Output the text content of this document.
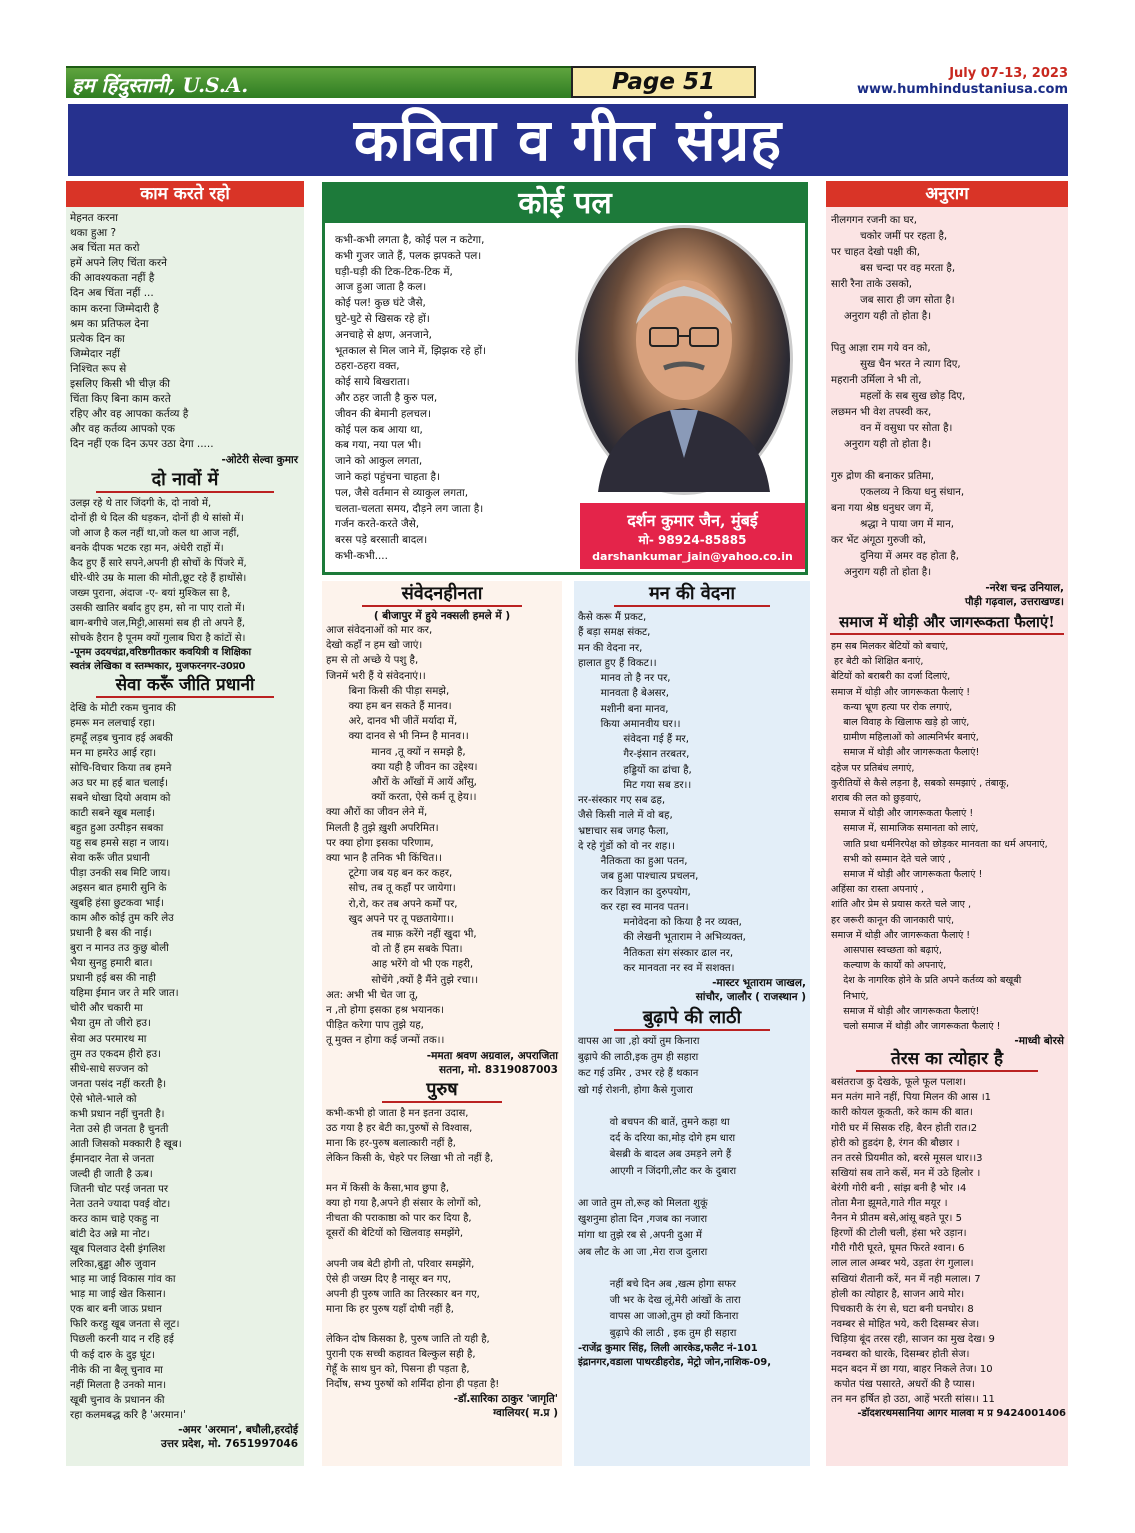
हम हिंदुस्तानी, U.S.A.	Page 51	July 07-13, 2023
www.humhindustaniusa.com
कविता व गीत संग्रह
काम करते रहो
मेहनत करना
थका हुआ ?
अब चिंता मत करो
हमें अपने लिए चिंता करने
की आवश्यकता नहीं है
दिन अब चिंता नहीं ...
काम करना जिम्मेदारी है
श्रम का प्रतिफल देना
प्रत्येक दिन का
जिम्मेदार नहीं
निश्चित रूप से
इसलिए किसी भी चीज़ की
चिंता किए बिना काम करते
रहिए और वह आपका कर्तव्य है
और वह कर्तव्य आपको एक
दिन नहीं एक दिन ऊपर उठा देगा .....
-ओटेरी सेल्वा कुमार
दो नावों में
उलझ रहे थे तार जिंदगी के, दो नावो में,
दोनों ही थे दिल की धड़कन, दोनों ही थे सांसो में।
जो आज है कल नहीं था,जो कल था आज नहीं,
बनके दीपक भटक रहा मन, अंधेरी राहों में।
कैद हुए हैं सारे सपने,अपनी ही सोचों के पिंजरे में,
धीरे-धीरे उम्र के माला की मोती,छूट रहे हैं हाथोंसे।
जख्म पुराना, अंदाज -ए- बयां मुश्किल सा है,
उसकी खातिर बर्बाद हुए हम, सो ना पाए रातो में।
बाग-बगीचे जल,मिट्टी,आसमां सब ही तो अपने हैं,
सोचके हैरान है पूनम क्यों गुलाब घिरा है कांटों से।
-पूनम उदयचंद्रा,वरिष्ठगीतकार कवयित्री व शिक्षिका
स्वतंत्र लेखिका व स्तम्भकार, मुजफरनगर-उ0प्र0
सेवा करूँ जीति प्रधानी
देखि के मोटी रकम चुनाव की
हमरू मन ललचाई रहा।
हमहूँ लड़ब चुनाव हई अबकी
मन मा हमरेउ आई रहा।
सोचि-विचार किया तब हमने
अउ घर मा हई बात चलाई।
सबने धोखा दियो अवाम को
काटी सबने खूब मलाई।
बहुत हुआ उत्पीड़न सबका
यहु सब हमसे सहा न जाय।
सेवा करूँ जीत प्रधानी
पीड़ा उनकी सब मिटि जाय।
अइसन बात हमारी सुनि के
खुबहि हंसा छुटकवा भाई।
काम औरु कोई तुम करि लेउ
प्रधानी है बस की नाई।
बुरा न मानउ तउ कुछु बोली
भैया सुनहु हमारी बात।
प्रधानी हई बस की नाही
यहिमा ईमान जर ते मरि जात।
चोरी और चकारी मा
भैया तुम तो जीरो हउ।
सेवा अउ परमारथ मा
तुम तउ एकदम हीरो हउ।
सीधे-साधे सज्जन को
जनता पसंद नहीं करती है।
ऐसे भोले-भाले को
कभी प्रधान नहीं चुनती है।
नेता उसे ही जनता है चुनती
आती जिसको मक्कारी है खूब।
ईमानदार नेता से जनता
जल्दी ही जाती है ऊब।
जितनी चोट परई जनता पर
नेता उतने ज्यादा पवई वोट।
करउ काम चाहे एकहु ना
बांटी देउ अन्ने मा नोट।
खूब पिलवाउ देसी इंगलिश
लरिका,बुड्ढा औरु जुवान
भाड़ मा जाई विकास गांव का
भाड़ मा जाई खेत किसान।
एक बार बनी जाऊ प्रधान
फिरि करहु खूब जनता से लूट।
पिछली करनी याद न रहि हई
पी कई दारु के दुइ घूंट।
नीके की ना बैलू चुनाव मा
नहीं मिलता है उनको मान।
खूबी चुनाव के प्रधानन की
रहा कलमबद्ध करि है 'अरमान।'
-अमर 'अरमान', बघौली,हरदोई
उत्तर प्रदेश, मो. 7651997046
कोई पल
कभी-कभी लगता है, कोई पल न कटेगा,
कभी गुजर जाते हैं, पलक झपकते पल।
घड़ी-घड़ी की टिक-टिक-टिक में,
आज हुआ जाता है कल।
कोई पल! कुछ घंटे जैसे,
घुटे-घुटे से खिसक रहे हों।
अनचाहे से क्षण, अनजाने,
भूतकाल से मिल जाने में, झिझक रहे हों।
ठहरा-ठहरा वक्त,
कोई साये बिखराता।
और ठहर जाती है कुरु पल,
जीवन की बेमानी हलचल।
कोई पल कब आया था,
कब गया, नया पल भी।
जाने को आकुल लगता,
जाने कहां पहुंचना चाहता है।
पल, जैसे वर्तमान से व्याकुल लगता,
चलता-चलता समय, दौड़ने लग जाता है।
गर्जन करते-करते जैसे,
बरस पड़े बरसाती बादल।
कभी-कभी....
दर्शन कुमार जैन, मुंबई
मो- 98924-85885
darshankumar_jain@yahoo.co.in
संवेदनहीनता
( बीजापुर में हुये नक्सली हमले में )
आज संवेदनाओं को मार कर,
देखो कहाँ न हम खो जाएं।
हम से तो अच्छे ये पशु है,
जिनमें भरी हैं ये संवेदनाएं।।
बिना किसी की पीड़ा समझे,
क्या हम बन सकते हैं मानव।
अरे, दानव भी जीतें मर्यादा में,
क्या दानव से भी निम्न है मानव।।
मानव ,तू क्यों न समझे है,
क्या यही है जीवन का उद्देश्य।
औरों के आँखों में आयें आँसु,
क्यों करता, ऐसे कर्म तू हेय।।
क्या औरों का जीवन लेने में,
मिलती है तुझे ख़ुशी अपरिमित।
पर क्या होगा इसका परिणाम,
क्या भान है तनिक भी किंचित।।
टूटेगा जब यह बन कर कहर,
सोच, तब तू कहाँ पर जायेगा।
रो,रो, कर तब अपने कर्मों पर,
खुद अपने पर तू पछतायेगा।।
तब माफ़ करेंगे नहीं खुदा भी,
वो तो हैं हम सबके पिता।
आह भरेंगे वो भी एक गहरी,
सोचेंगे ,क्यों है मैंने तुझे रचा।।
अत: अभी भी चेत जा तू,
न ,तो होगा इसका हश्र भयानक।
पीड़ित करेगा पाप तुझे यह,
तू मुक्त न होगा कई जन्मों तक।।
-ममता श्रवण अग्रवाल, अपराजिता
सतना, मो. 8319087003
पुरुष
कभी-कभी हो जाता है मन इतना उदास,
उठ गया है हर बेटी का,पुरुषों से विश्वास,
माना कि हर-पुरुष बलात्कारी नहीं है,
लेकिन किसी के, चेहरे पर लिखा भी तो नहीं है,

मन में किसी के कैसा,भाव छुपा है,
क्या हो गया है,अपने ही संसार के लोगों को,
नीचता की पराकाष्ठा को पार कर दिया है,
दूसरों की बेटियों को खिलवाड़ समझेंगे,

अपनी जब बेटी होगी तो, परिवार समझेंगे,
ऐसे ही जख्म दिए है नासूर बन गए,
अपनी ही पुरुष जाति का तिरस्कार बन गए,
माना कि हर पुरुष यहाँ दोषी नहीं है,

लेकिन दोष किसका है, पुरुष जाति तो यही है,
पुरानी एक सच्ची कहावत बिल्कुल सही है,
गेहूँ के साथ घुन को, पिसना ही पड़ता है,
निर्दोष, सभ्य पुरुषों को शर्मिंदा होना ही पड़ता है!
-डॉ.सारिका ठाकुर 'जागृति'
ग्वालियर( म.प्र )
मन की वेदना
कैसे करू मैं प्रकट,
हैं बड़ा समक्ष संकट,
मन की वेदना नर,
हालात हुए हैं विकट।।
मानव तो है नर पर,
मानवता है बेअसर,
मशीनी बना मानव,
किया अमानवीय घर।।
संवेदना गई हैं मर,
गैर-इंसान तरबतर,
हड्डियों का ढांचा है,
मिट गया सब डर।।
नर-संस्कार गए सब ढह,
जैसे किसी नाले में वो बह,
भ्रष्टाचार सब जगह फैला,
दे रहे गुंडों को वो नर शह।।
नैतिकता का हुआ पतन,
जब हुआ पाश्चात्य प्रचलन,
कर विज्ञान का दुरुपयोग,
कर रहा स्व मानव पतन।
मनोवेदना को किया है नर व्यक्त,
की लेखनी भूताराम ने अभिव्यक्त,
नैतिकता संग संस्कार ढाल नर,
कर मानवता नर स्व में सशक्त।
-मास्टर भूताराम जाखल,
सांचौर, जालौर ( राजस्थान )
बुढ़ापे की लाठी
वापस आ जा ,हो क्यों तुम किनारा
बुढ़ापे की लाठी,इक तुम ही सहारा
कट गई उमिर , उभर रहे हैं थकान
खो गई रोशनी, होगा कैसे गुजारा

वो बचपन की बातें, तुमने कहा था
दर्द के दरिया का,मोड़ दोगे हम धारा
बेसब्री के बादल अब उमड़ने लगे हैं
आएगी न जिंदगी,लौट कर के दुबारा

आ जाते तुम तो,रूह को मिलता शुकूं
खुशनुमा होता दिन ,गजब का नजारा
मांगा था तुझे रब से ,अपनी दुआ में
अब लौट के आ जा ,मेरा राज दुलारा

नहीं बचे दिन अब ,खत्म होगा सफर
जी भर के देख लूं,मेरी आंखों के तारा
वापस आ जाओ,तुम हो क्यों किनारा
बुढ़ापे की लाठी , इक तुम ही सहारा
-राजेंद्र कुमार सिंह, लिली आरकेड,फलैट नं-101
इंद्रानगर,वडाला पाथरडीहरोड, मेट्रो जोन,नाशिक-09,
अनुराग
नीलगगन रजनी का घर,
चकोर जमीं पर रहता है,
पर चाहत देखो पक्षी की,
बस चन्दा पर वह मरता है,
सारी रैना ताके उसको,
जब सारा ही जग सोता है।
अनुराग यही तो होता है।

पितु आज्ञा राम गये वन को,
सुख चैन भरत ने त्याग दिए,
महरानी उर्मिला ने भी तो,
महलों के सब सुख छोड़ दिए,
लछमन भी वेश तपस्वी कर,
वन में वसुधा पर सोता है।
अनुराग यही तो होता है।

गुरु द्रोण की बनाकर प्रतिमा,
एकलव्य ने किया धनु संधान,
बना गया श्रेष्ठ धनुधर जग में,
श्रद्धा ने पाया जग में मान,
कर भेंट अंगूठा गुरुजी को,
दुनिया में अमर वह होता है,
अनुराग यही तो होता है।
-नरेश चन्द्र उनियाल,
पौड़ी गढ़वाल, उत्तराखण्ड।
समाज में थोड़ी और जागरूकता फैलाएं!
हम सब मिलकर बेटियों को बचाएं,
हर बेटी को शिक्षित बनाएं,
बेटियों को बराबरी का दर्जा दिलाएं,
समाज में थोड़ी और जागरूकता फैलाएं !
कन्या भ्रूण हत्या पर रोक लगाएं,
बाल विवाह के खिलाफ खड़े हो जाएं,
ग्रामीण महिलाओं को आत्मनिर्भर बनाएं,
समाज में थोड़ी और जागरूकता फैलाएं!
दहेज पर प्रतिबंध लगाएं,
कुरीतियों से कैसे लड़ना है, सबको समझाएं , तंबाकू,
शराब की लत को छुड़वाएं,
समाज में थोड़ी और जागरूकता फैलाएं !
समाज में, सामाजिक समानता को लाएं,
जाति प्रथा धर्मनिरपेक्ष को छोड़कर मानवता का धर्म अपनाएं,
सभी को सम्मान देते चले जाएं ,
समाज में थोड़ी और जागरूकता फैलाएं !
अहिंसा का रास्ता अपनाएं ,
शांति और प्रेम से प्रयास करते चले जाए ,
हर जरूरी कानून की जानकारी पाएं,
समाज में थोड़ी और जागरूकता फैलाएं !
आसपास स्वच्छता को बढ़ाएं,
कल्याण के कार्यों को अपनाएं,
देश के नागरिक होने के प्रति अपने कर्तव्य को बखूबी
निभाएं,
समाज में थोड़ी और जागरूकता फैलाएं!
चलो समाज में थोड़ी और जागरूकता फैलाएं !
-माध्वी बोरसे
तेरस का त्योहार है
बसंतराज कु देखके, फूले फूल पलाश।
मन मतंग माने नहीं, पिया मिलन की आस ।1
कारी कोयल कूकती, करे काम की बात।
गोरी घर में सिसक रहि, बैरन होती रात।2
होरी को हुडदंग है, रंगन की बौछार ।
तन तरसे प्रियमीत को, बरसे मूसल धार।।3
सखियां सब ताने कसें, मन में उठे हिलोर ।
बेरंगी गोरी बनी , सांझ बनी है भोर ।4
तोता मैना झूमते,गाते गीत मयूर ।
नैनन मे प्रीतम बसे,आंसू बहते पूर। 5
हिरणों की टोली चली, हंसा भरे उड़ान।
गौरी गौरी घूरते, घूमत फिरते श्वान। 6
लाल लाल अम्बर भये, उड़ता रंग गुलाल।
सखियां शैतानी करें, मन में नही मलाल। 7
होली का त्योहार है, साजन आये मोर।
पिचकारी के रंग से, घटा बनी घनघोर। 8
नवम्बर से मोहित भये, करी दिसम्बर सेज।
चिड़िया बूंद तरस रही, साजन का मुख देख। 9
नवम्बरा को धारके, दिसम्बर होती सेज।
मदन बदन में छा गया, बाहर निकले तेज। 10
कपोत पंख पसारते, अधरों की है प्यास।
तन मन हर्षित हो उठा, आहें भरती सांस।। 11
-डॉदशरथमसानिया आगर मालवा म प्र 9424001406
